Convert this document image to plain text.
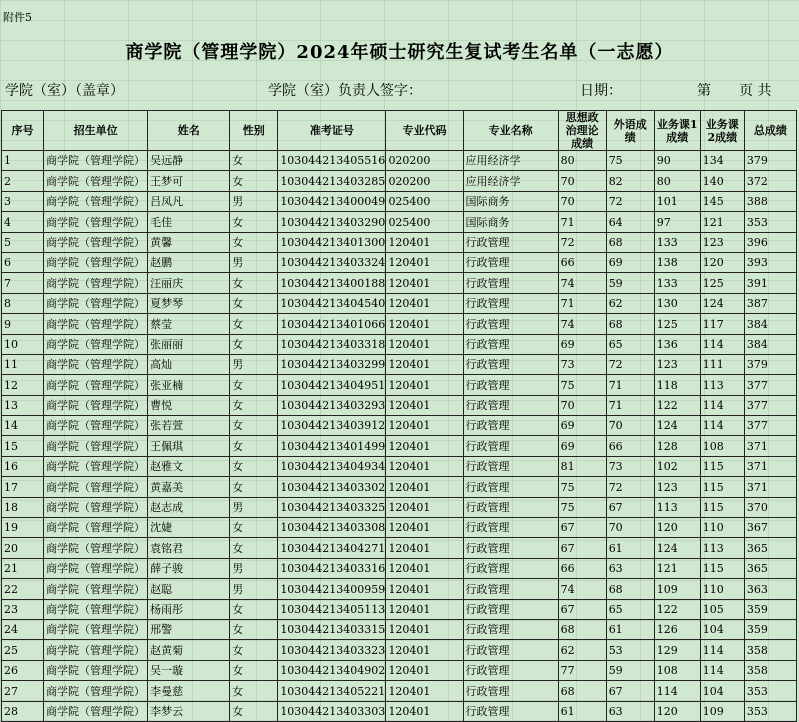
附件5
商学院（管理学院）2024年硕士研究生复试考生名单（一志愿）
学院（室）（盖章）	学院（室）负责人签字：	日期：	第　　页 共
序号	招生单位	姓名	性别	准考证号	专业代码	专业名称	思想政治理论成绩	外语成绩	业务课1成绩	业务课2成绩	总成绩
1	商学院（管理学院）	吴远静	女	103044213405516	020200	应用经济学	80	75	90	134	379
2	商学院（管理学院）	王梦可	女	103044213403285	020200	应用经济学	70	82	80	140	372
3	商学院（管理学院）	吕凤凡	男	103044213400049	025400	国际商务	70	72	101	145	388
4	商学院（管理学院）	毛佳	女	103044213403290	025400	国际商务	71	64	97	121	353
5	商学院（管理学院）	黄馨	女	103044213401300	120401	行政管理	72	68	133	123	396
6	商学院（管理学院）	赵鹏	男	103044213403324	120401	行政管理	66	69	138	120	393
7	商学院（管理学院）	汪丽庆	女	103044213400188	120401	行政管理	74	59	133	125	391
8	商学院（管理学院）	夏梦琴	女	103044213404540	120401	行政管理	71	62	130	124	387
9	商学院（管理学院）	蔡莹	女	103044213401066	120401	行政管理	74	68	125	117	384
10	商学院（管理学院）	张丽丽	女	103044213403318	120401	行政管理	69	65	136	114	384
11	商学院（管理学院）	高灿	男	103044213403299	120401	行政管理	73	72	123	111	379
12	商学院（管理学院）	张亚楠	女	103044213404951	120401	行政管理	75	71	118	113	377
13	商学院（管理学院）	曹悦	女	103044213403293	120401	行政管理	70	71	122	114	377
14	商学院（管理学院）	张若萱	女	103044213403912	120401	行政管理	69	70	124	114	377
15	商学院（管理学院）	王佩琪	女	103044213401499	120401	行政管理	69	66	128	108	371
16	商学院（管理学院）	赵雅文	女	103044213404934	120401	行政管理	81	73	102	115	371
17	商学院（管理学院）	黄嘉美	女	103044213403302	120401	行政管理	75	72	123	115	371
18	商学院（管理学院）	赵志成	男	103044213403325	120401	行政管理	75	67	113	115	370
19	商学院（管理学院）	沈婕	女	103044213403308	120401	行政管理	67	70	120	110	367
20	商学院（管理学院）	袁铭君	女	103044213404271	120401	行政管理	67	61	124	113	365
21	商学院（管理学院）	薛子骏	男	103044213403316	120401	行政管理	66	63	121	115	365
22	商学院（管理学院）	赵聪	男	103044213400959	120401	行政管理	74	68	109	110	363
23	商学院（管理学院）	杨雨彤	女	103044213405113	120401	行政管理	67	65	122	105	359
24	商学院（管理学院）	邢警	女	103044213403315	120401	行政管理	68	61	126	104	359
25	商学院（管理学院）	赵黄菊	女	103044213403323	120401	行政管理	62	53	129	114	358
26	商学院（管理学院）	吴一璇	女	103044213404902	120401	行政管理	77	59	108	114	358
27	商学院（管理学院）	李曼慈	女	103044213405221	120401	行政管理	68	67	114	104	353
28	商学院（管理学院）	李梦云	女	103044213403303	120401	行政管理	61	63	120	109	353
